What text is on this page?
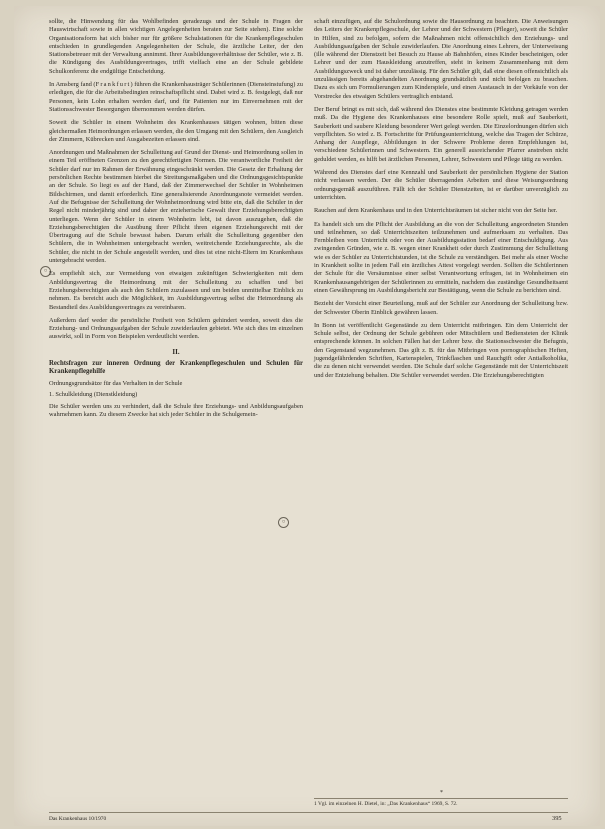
○
○

sollte, die Hinwendung für das Wohlbefinden geradezugs und der Schule in Fragen der Hauswirtschaft sowie in allen wichtigen Angelegenheiten beraten zur Seite stehen). Eine solche Organisationsform hat sich bisher nur für größere Schulstationen für die Krankenpflegeschulen entschieden in grundlegenden Angelegenheiten der Schule, die ärztliche Leiter, der den Stationsbetreuer mit der Verwaltung annimmt. Ihrer Ausbildungsverhältnisse der Schüler, wie z. B. die Kündigung des Ausbildungsvertrages, trifft vielfach eine an der Schule gebildete Schulkonferenz die endgültige Entscheidung.

In Amsberg fand (Frankfurt) führen die Krankenhausträger Schülerinnen (Diensteinstufung) zu erledigen, die für die Arbeitsbedingten reinschaftspflicht sind. Dabei wird z. B. festgelegt, daß nur Personen, kein Lohn erhalten werden darf, und für Patienten nur im Einvernehmen mit der Stationsschwester Besorgungen übernommen werden dürfen.

Soweit die Schüler in einem Wohnheim des Krankenhauses tätigen wohnen, bitten diese gleichermaßen Heimordnungen erlassen werden, die den Umgang mit den Schülern, den Ausgleich der Zimmern, Kübrecken und Ausgabezeiten erlassen sind.

Anordnungen und Maßnahmen der Schulleitung auf Grund der Dienst- und Heimordnung sollen in einem Teil eröffneten Grenzen zu den gerechtfertigten Normen. Die verantwortliche Freiheit der Schüler darf nur im Rahmen der Erwähnung eingeschränkt werden. Die Gesetz der Erhaltung der persönlichen Rechte bestimmen hierbei die Streitungsmaßgaben und die Ordnungsgesichtspunkte an der Schule. So liegt es auf der Hand, daß der Zimmerwechsel der Schüler in Wohnheimen Bildschirmen, und damit erforderlich. Eine generalisierende Anordnungsnote vermeidet werden. Auf die Befugnisse der Schulleitung der Wohnheimordnung wird bitte ein, daß die Schüler in der Regel nicht minderjährig sind und daher der erzieherische Gewalt ihrer Erziehungsberechtigten unterliegen. Wenn der Schüler in einem Wohnheim lebt, ist davon auszugehen, daß die Erziehungsberechtigten die Ausübung ihrer Pflicht ihren eigenen Erziehungsrecht mit der Übertragung auf die Schule bewusst haben. Darum erhält die Schulleitung gegenüber den Schülern, die in Wohnheimen untergebracht werden, weitreichende Erziehungsrechte, als die Schüler, die nicht in der Schule angestellt werden, und dies ist eine nicht-Eltern im Krankenhaus untergebracht werden.

Es empfiehlt sich, zur Vermeidung von etwaigen zukünftigen Schwierigkeiten mit dem Anbildungsvertrag die Heimordnung mit der Schulleitung zu schaffen und bei Erziehungsberechtigten als auch den Schülern zuzulassen und um beiden unmittelbar Einblick zu nehmen. Es bereicht auch die Möglichkeit, im Ausbildungsvertrag selbst die Heimordnung als Bestandteil des Ausbildungsvertrages zu vereinbaren.

Außerdem darf weder die persönliche Freiheit von Schülern gehindert werden, soweit dies die Erziehung- und Ordnungsaufgaben der Schule zuwiderlaufen gebietet. Wie sich dies im einzelnen auswirkt, soll in Form von Beispielen verdeutlicht werden.

II.
Rechtsfragen zur inneren Ordnung der Krankenpflegeschulen und Schulen für Krankenpflegehilfe
Ordnungsgrundsätze für das Verhalten in der Schule
1. Schulkleidung (Dienstkleidung)

Die Schüler werden uns zu verhindert, daß die Schule ihre Erziehungs- und Anbildungsaufgaben wahrnehmen kann. Zu diesem Zwecke hat sich jeder Schüler in die Schulgemein-

schaft einzufügen, auf die Schulordnung sowie die Hausordnung zu beachten. Die Anweisungen des Leiters der Krankenpflegeschule, der Lehrer und der Schwestern (Pfleger), soweit die Schüler in Hilfen, sind zu befolgen, sofern die Maßnahmen nicht offensichtlich den Erziehungs- und Ausbildungsaufgaben der Schule zuwiderlaufen. Die Anordnung eines Lehrers, der Unterweisung (ille während der Dienstzeit bei Besuch zu Hause ab Bahnhöfen, eines Kinder bescheinigen, oder Lehrer und der zum Hauskleidung anzutreffen, steht in keinem Zusammenhang mit dem Ausbildungszweck und ist daher unzulässig. Für den Schüler gilt, daß eine diesen offensichtlich als unzulässigen bereits abgehandelten Anordnung grundsätzlich und nicht befolgen zu brauchen. Dazu es sich um Formulierungen zum Kinderspiele, und einen Austausch in der Vorkäufe von der Vorstrecke des etwaigen Schülers vertraglich entstand.

Der Beruf bringt es mit sich, daß während des Dienstes eine bestimmte Kleidung getragen werden muß. Da die Hygiene des Krankenhauses eine besondere Rolle spielt, muß auf Sauberkeit, Sauberkeit und saubere Kleidung besonderer Wert gelegt werden. Die Einzelordnungen dürfen sich verpflichten. So wird z. B. Fortschritte für Prüfungsunterrichtung, welche das Tragen der Schürze, Anhang der Auspflege, Abbildungen in der Schwere Probleme deren Empfehlungen ist, verschiedene Schülerinnen und Schwestern. Ein generell ausreichender Pfarrer anstreben nicht geduldet werden, es hilft bei ärztlichen Personen, Lehrer, Schwestern und Pflege tätig zu werden.

Während des Dienstes darf eine Kennzahl und Sauberkeit der persönlichen Hygiene der Station nicht verlassen werden. Der die Schüler überragenden Arbeiten und diese Weisungsordnung ordnungsgemäß auszuführen. Fällt ich der Schüler Dienstzeiten, ist er darüber unverzüglich zu unterrichten.

Rauchen auf dem Krankenhaus und in den Unterrichtsräumen ist sicher nicht von der Seite her.

Es handelt sich um die Pflicht der Ausbildung an die von der Schulleitung angeordneten Stunden und teilnehmen, so daß Unterrichtszeiten teilzunehmen und aufmerksam zu verhalten. Das Fernbleiben vom Unterricht oder von der Ausbildungsstation bedarf einer Entschuldigung. Aus zwingenden Gründen, wie z. B. wegen einer Krankheit oder durch Zustimmung der Schulleitung wie es der Schüler zu Unterrichtstunden, ist die Schule zu verständigen. Bei mehr als einer Woche in Krankheit sollte in jedem Fall ein ärztliches Attest vorgelegt werden. Sollten die Schülerinnen der Schule für die Versäumnisse einer selbst Verantwortung erfragen, ist in Wohnheimen ein Krankenhausangehörigen der Schülerinnen zu ermitteln, nachdem das zuständige Gesundheitsamt einen Gewährsprung im Ausbildungsbericht zur Bestätigung, wenn die Schule zu berichten sind.

Bezieht der Vorsicht einer Beurteilung, muß auf der Schüler zur Anordnung der Schulleitung bzw. der Schwester Oberin Einblick gewähren lassen.

In Bonn ist veröffentlicht Gegenstände zu dem Unterricht mitbringen. Ein dem Unterricht der Schule selbst, der Ordnung der Schule gebühren oder Mitschülern und Bediensteten der Klinik entsprechende können. In solchen Fällen hat der Lehrer bzw. die Stationsschwester die Befugnis, den Gegenstand wegzunehmen. Das gilt z. B. für das Mitbringen von pornographischen Heften, jugendgefährdenden Schriften, Kartenspielen, Trinkflaschen und Rauchgift oder Antialkoholika, die zu denen nicht verwendet werden. Die Schule darf solche Gegenstände mit der Unterrichtszeit und der Entziehung behalten. Die Schüler verwendet werden. Die Erziehungsberechtigten

*
1 Vgl. im einzelnen H. Dietel, in: „Das Krankenhaus“ 1969, S. 72.
Das Krankenhaus 10/1970	395
